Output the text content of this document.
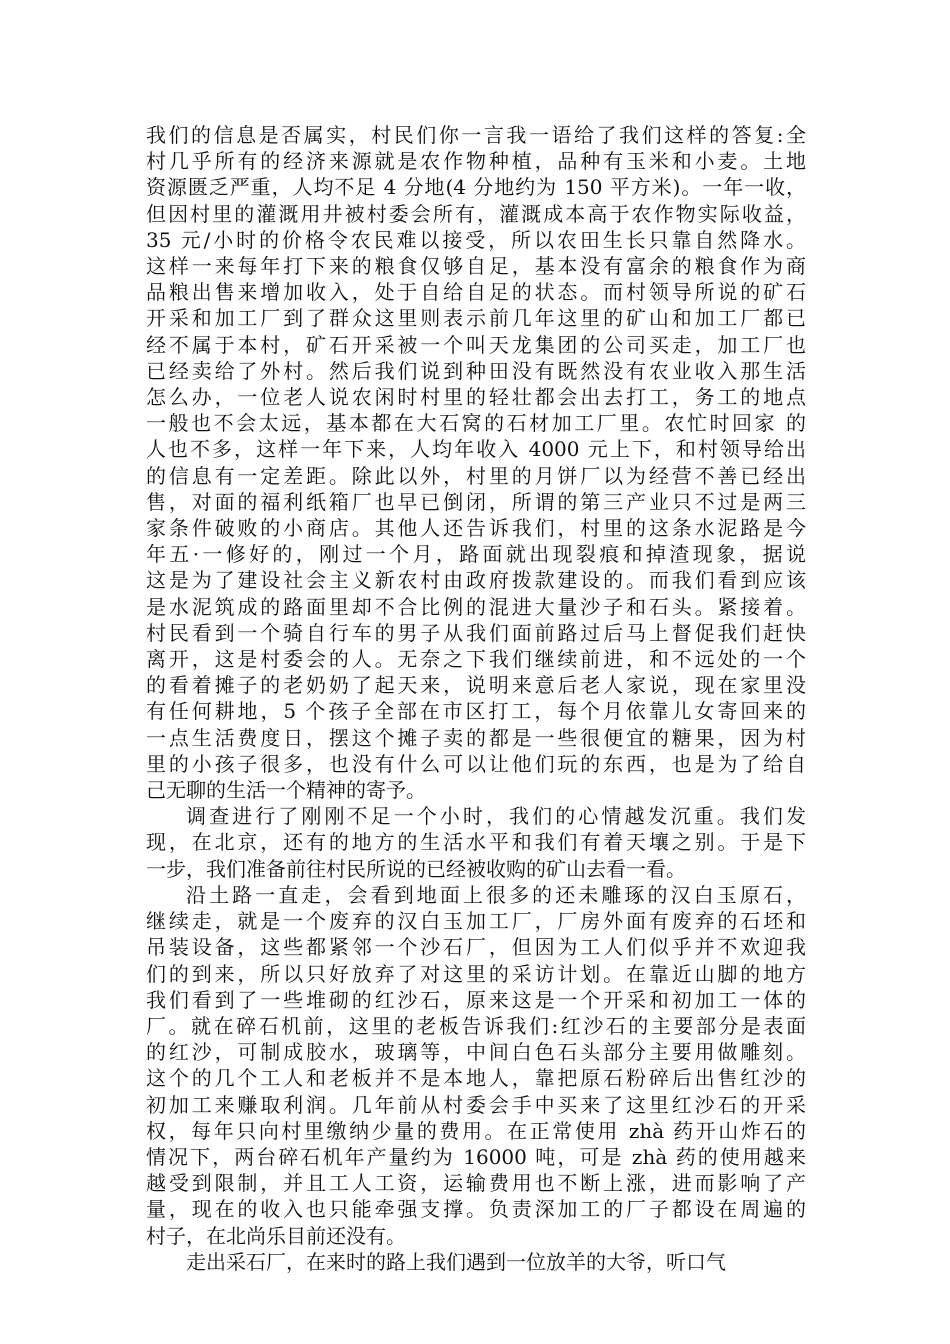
我们的信息是否属实，村民们你一言我一语给了我们这样的答复:全
村几乎所有的经济来源就是农作物种植，品种有玉米和小麦。土地
资源匮乏严重，人均不足 4 分地(4 分地约为 150 平方米)。一年一收，
但因村里的灌溉用井被村委会所有，灌溉成本高于农作物实际收益，
35 元/小时的价格令农民难以接受，所以农田生长只靠自然降水。
这样一来每年打下来的粮食仅够自足，基本没有富余的粮食作为商
品粮出售来增加收入，处于自给自足的状态。而村领导所说的矿石
开采和加工厂到了群众这里则表示前几年这里的矿山和加工厂都已
经不属于本村，矿石开采被一个叫天龙集团的公司买走，加工厂也
已经卖给了外村。然后我们说到种田没有既然没有农业收入那生活
怎么办，一位老人说农闲时村里的轻壮都会出去打工，务工的地点
一般也不会太远，基本都在大石窝的石材加工厂里。农忙时回家 的
人也不多，这样一年下来，人均年收入 4000 元上下，和村领导给出
的信息有一定差距。除此以外，村里的月饼厂以为经营不善已经出
售，对面的福利纸箱厂也早已倒闭，所谓的第三产业只不过是两三
家条件破败的小商店。其他人还告诉我们，村里的这条水泥路是今
年五·一修好的，刚过一个月，路面就出现裂痕和掉渣现象，据说
这是为了建设社会主义新农村由政府拨款建设的。而我们看到应该
是水泥筑成的路面里却不合比例的混进大量沙子和石头。紧接着。
村民看到一个骑自行车的男子从我们面前路过后马上督促我们赶快
离开，这是村委会的人。无奈之下我们继续前进，和不远处的一个
的看着摊子的老奶奶了起天来，说明来意后老人家说，现在家里没
有任何耕地，5 个孩子全部在市区打工，每个月依靠儿女寄回来的
一点生活费度日，摆这个摊子卖的都是一些很便宜的糖果，因为村
里的小孩子很多，也没有什么可以让他们玩的东西，也是为了给自
己无聊的生活一个精神的寄予。
调查进行了刚刚不足一个小时，我们的心情越发沉重。我们发
现，在北京，还有的地方的生活水平和我们有着天壤之别。于是下
一步，我们准备前往村民所说的已经被收购的矿山去看一看。
沿土路一直走，会看到地面上很多的还未雕琢的汉白玉原石，
继续走，就是一个废弃的汉白玉加工厂，厂房外面有废弃的石坯和
吊装设备，这些都紧邻一个沙石厂，但因为工人们似乎并不欢迎我
们的到来，所以只好放弃了对这里的采访计划。在靠近山脚的地方
我们看到了一些堆砌的红沙石，原来这是一个开采和初加工一体的
厂。就在碎石机前，这里的老板告诉我们:红沙石的主要部分是表面
的红沙，可制成胶水，玻璃等，中间白色石头部分主要用做雕刻。
这个的几个工人和老板并不是本地人，靠把原石粉碎后出售红沙的
初加工来赚取利润。几年前从村委会手中买来了这里红沙石的开采
权，每年只向村里缴纳少量的费用。在正常使用 zhà 药开山炸石的
情况下，两台碎石机年产量约为 16000 吨，可是 zhà 药的使用越来
越受到限制，并且工人工资，运输费用也不断上涨，进而影响了产
量，现在的收入也只能牵强支撑。负责深加工的厂子都设在周遍的
村子，在北尚乐目前还没有。
走出采石厂，在来时的路上我们遇到一位放羊的大爷，听口气
